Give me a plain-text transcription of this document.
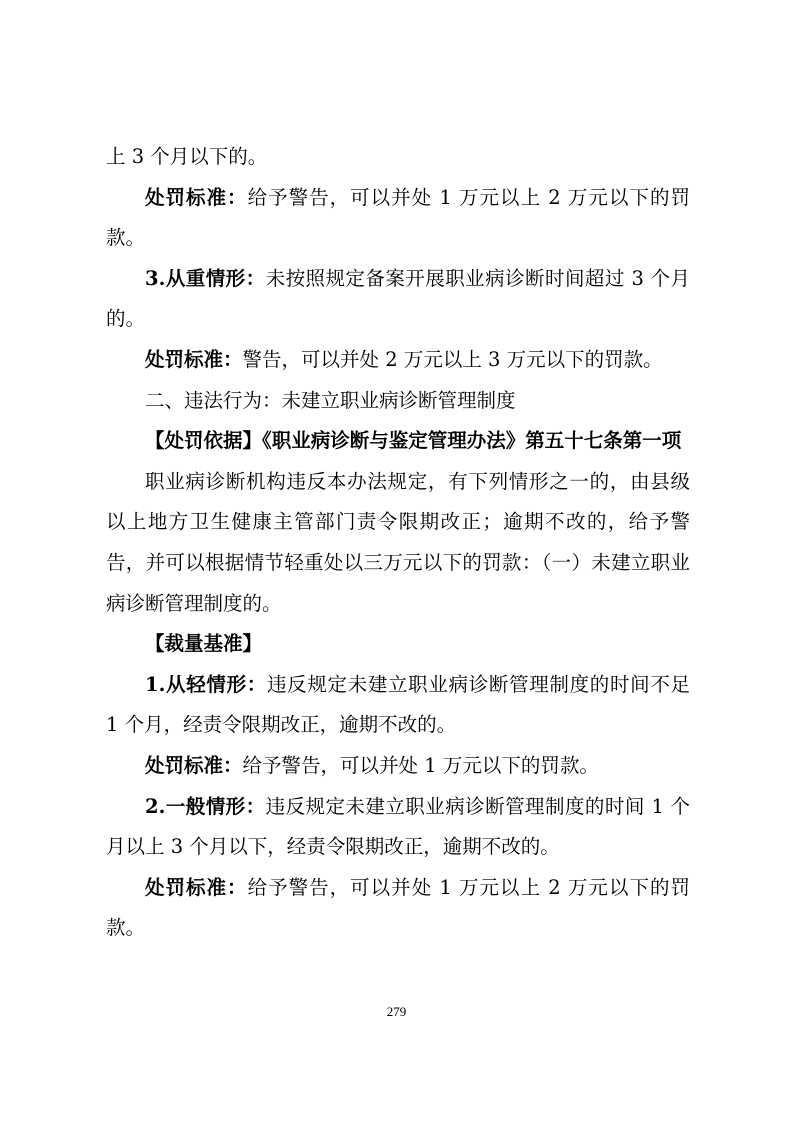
上 3 个月以下的。

处罚标准：给予警告，可以并处 1 万元以上 2 万元以下的罚款。

3.从重情形：未按照规定备案开展职业病诊断时间超过 3 个月的。

处罚标准：警告，可以并处 2 万元以上 3 万元以下的罚款。

二、违法行为：未建立职业病诊断管理制度

【处罚依据】《职业病诊断与鉴定管理办法》第五十七条第一项

职业病诊断机构违反本办法规定，有下列情形之一的，由县级以上地方卫生健康主管部门责令限期改正；逾期不改的，给予警告，并可以根据情节轻重处以三万元以下的罚款：（一）未建立职业病诊断管理制度的。

【裁量基准】

1.从轻情形：违反规定未建立职业病诊断管理制度的时间不足 1 个月，经责令限期改正，逾期不改的。

处罚标准：给予警告，可以并处 1 万元以下的罚款。

2.一般情形：违反规定未建立职业病诊断管理制度的时间 1 个月以上 3 个月以下，经责令限期改正，逾期不改的。

处罚标准：给予警告，可以并处 1 万元以上 2 万元以下的罚款。

279
